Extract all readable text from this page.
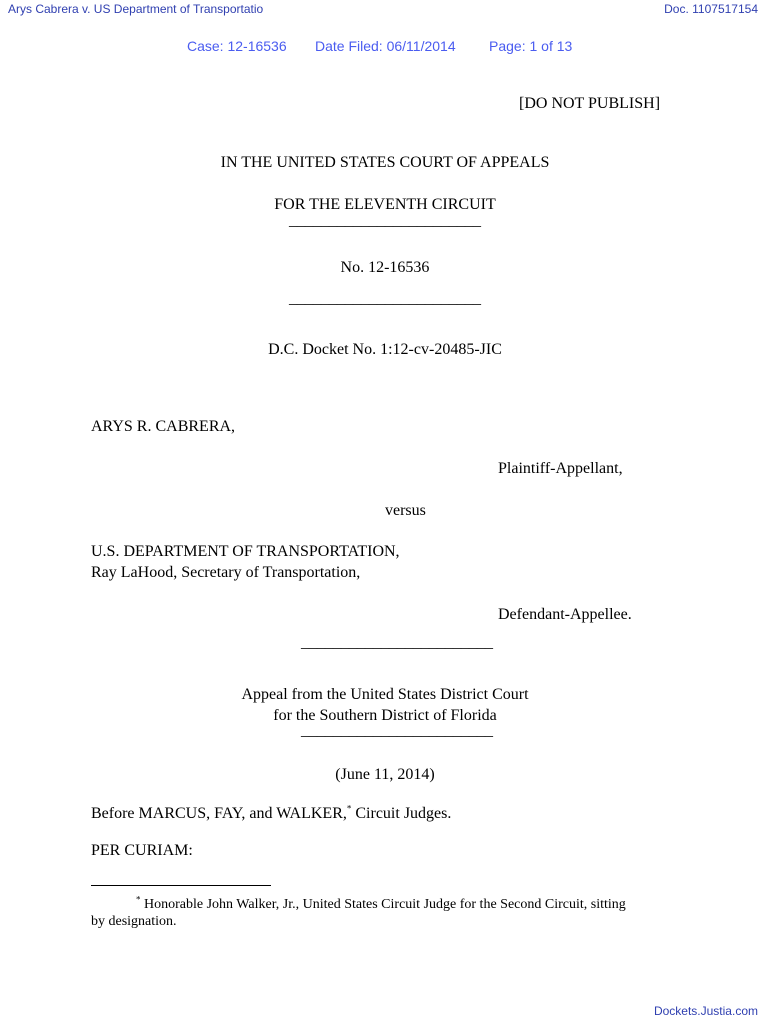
Arys Cabrera v. US Department of Transportatio	Doc. 1107517154
Case: 12-16536 Date Filed: 06/11/2014 Page: 1 of 13
[DO NOT PUBLISH]
IN THE UNITED STATES COURT OF APPEALS
FOR THE ELEVENTH CIRCUIT
________________________
No. 12-16536
________________________
D.C. Docket No. 1:12-cv-20485-JIC
ARYS R. CABRERA,
Plaintiff-Appellant,
versus
U.S. DEPARTMENT OF TRANSPORTATION,
Ray LaHood, Secretary of Transportation,
Defendant-Appellee.
________________________
Appeal from the United States District Court
for the Southern District of Florida
________________________
(June 11, 2014)
Before MARCUS, FAY, and WALKER,* Circuit Judges.
PER CURIAM:
* Honorable John Walker, Jr., United States Circuit Judge for the Second Circuit, sitting
by designation.
Dockets.Justia.com
